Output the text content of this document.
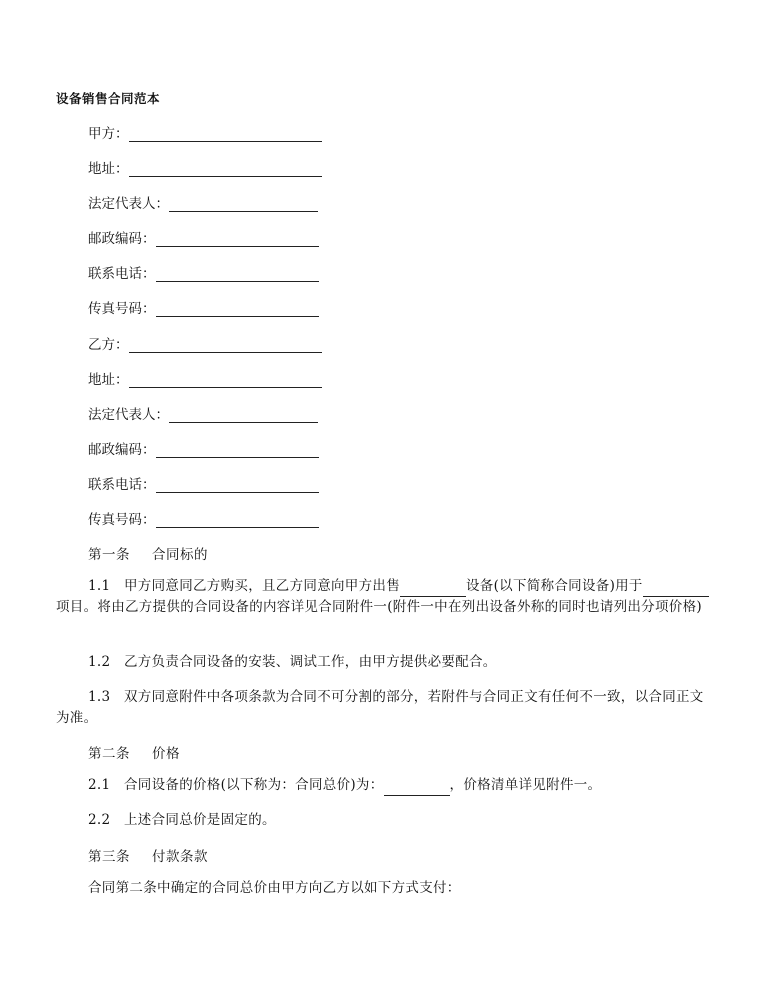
设备销售合同范本
甲方：
地址：
法定代表人：
邮政编码：
联系电话：
传真号码：
乙方：
地址：
法定代表人：
邮政编码：
联系电话：
传真号码：
第一条 合同标的
1.1 甲方同意同乙方购买，且乙方同意向甲方出售	设备(以下简称合同设备)用于项目。将由乙方提供的合同设备的内容详见合同附件一(附件一中在列出设备外称的同时也请列出分项价格)
1.2 乙方负责合同设备的安装、调试工作，由甲方提供必要配合。
1.3 双方同意附件中各项条款为合同不可分割的部分，若附件与合同正文有任何不一致，以合同正文为准。
第二条 价格
2.1 合同设备的价格(以下称为：合同总价)为：	，价格清单详见附件一。
2.2 上述合同总价是固定的。
第三条 付款条款
合同第二条中确定的合同总价由甲方向乙方以如下方式支付：
